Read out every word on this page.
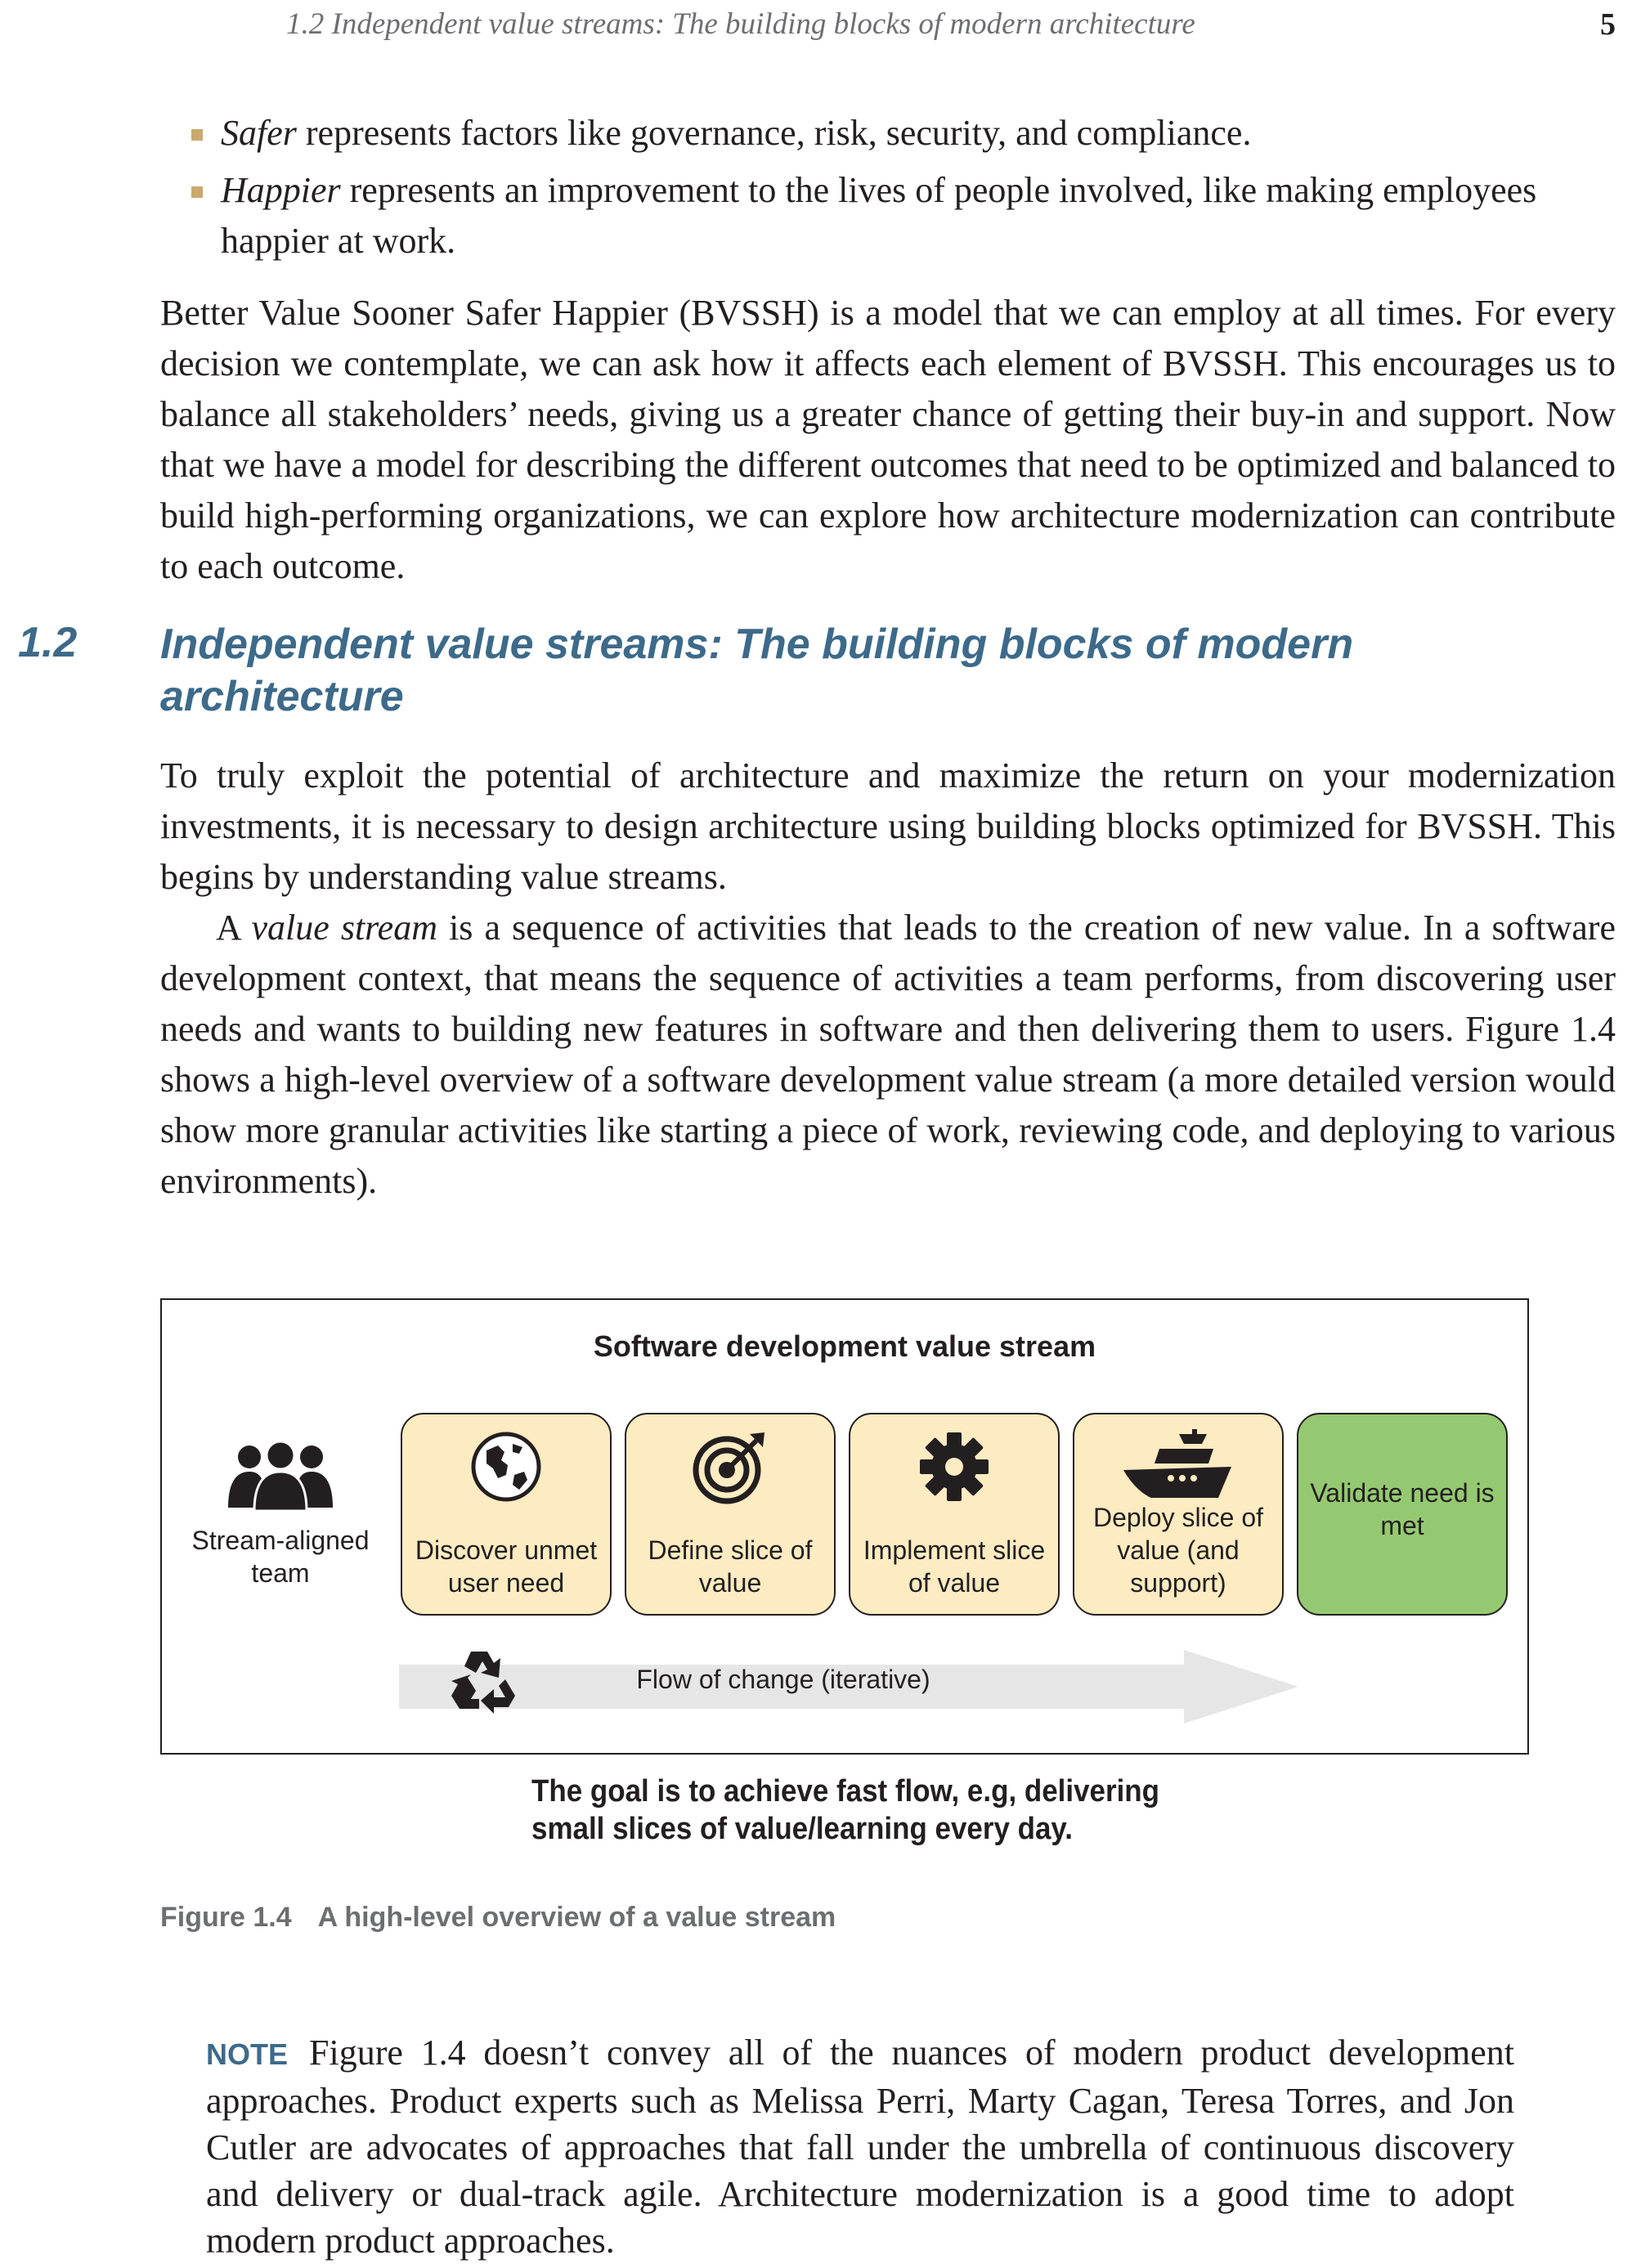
1.2 Independent value streams: The building blocks of modern architecture	5
Safer represents factors like governance, risk, security, and compliance.
Happier represents an improvement to the lives of people involved, like making employees happier at work.

Better Value Sooner Safer Happier (BVSSH) is a model that we can employ at all times. For every decision we contemplate, we can ask how it affects each element of BVSSH. This encourages us to balance all stakeholders’ needs, giving us a greater chance of getting their buy-in and support. Now that we have a model for describing the different outcomes that need to be optimized and balanced to build high-performing organizations, we can explore how architecture modernization can contribute to each outcome.

1.2 Independent value streams: The building blocks of modern architecture

To truly exploit the potential of architecture and maximize the return on your modernization investments, it is necessary to design architecture using building blocks optimized for BVSSH. This begins by understanding value streams.

A value stream is a sequence of activities that leads to the creation of new value. In a software development context, that means the sequence of activities a team performs, from discovering user needs and wants to building new features in software and then delivering them to users. Figure 1.4 shows a high-level overview of a software development value stream (a more detailed version would show more granular activities like starting a piece of work, reviewing code, and deploying to various environments).

Software development value stream
Stream-aligned team
Discover unmet user need
Define slice of value
Implement slice of value
Deploy slice of value (and support)
Validate need is met
Flow of change (iterative)
The goal is to achieve fast flow, e.g, delivering small slices of value/learning every day.
Figure 1.4 A high-level overview of a value stream
NOTE Figure 1.4 doesn’t convey all of the nuances of modern product development approaches. Product experts such as Melissa Perri, Marty Cagan, Teresa Torres, and Jon Cutler are advocates of approaches that fall under the umbrella of continuous discovery and delivery or dual-track agile. Architecture modernization is a good time to adopt modern product approaches.
